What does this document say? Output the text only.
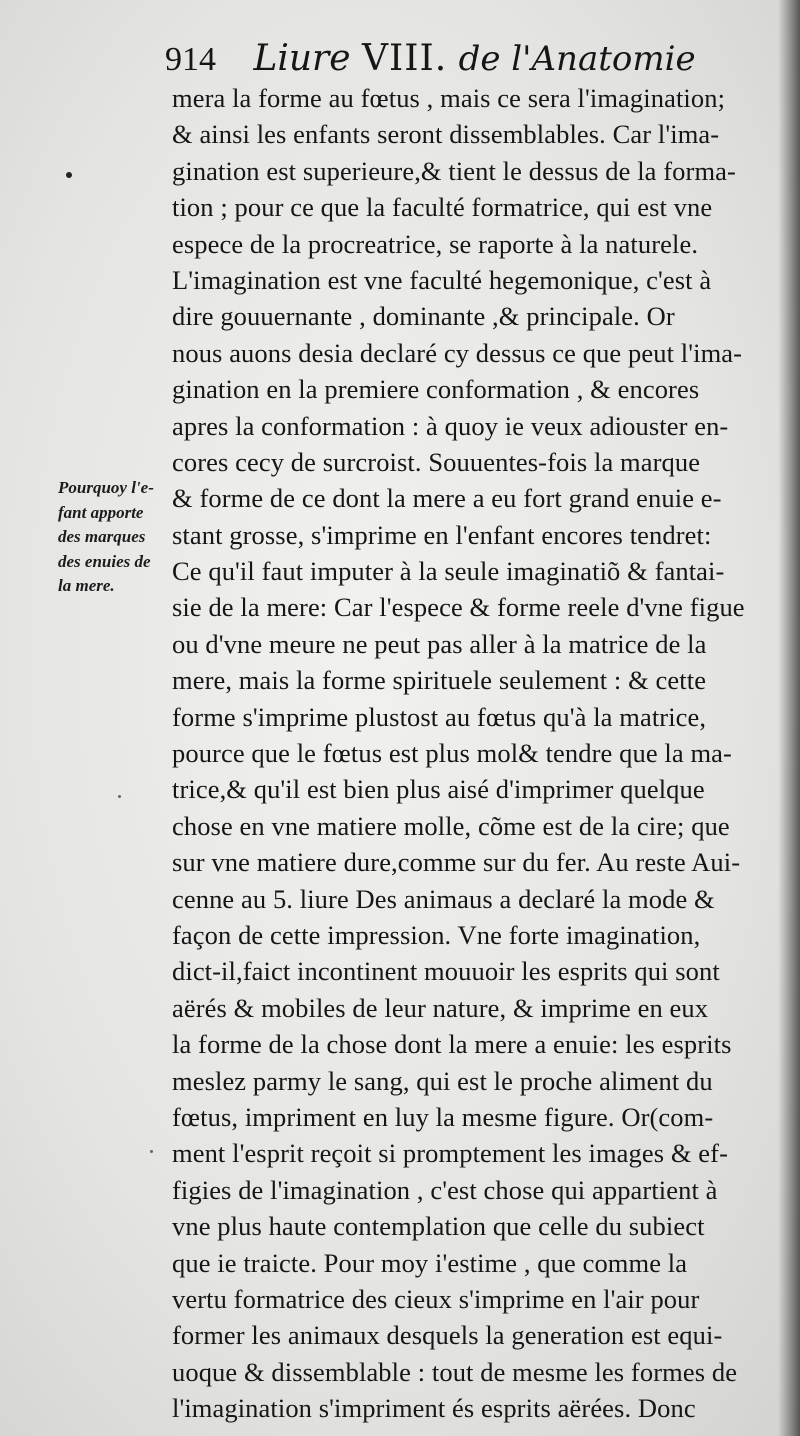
914 Liure VIII. de l'Anatomie
Pourquoy l'e-
fant apporte
des marques
des enuies de
la mere.
mera la forme au fœtus , mais ce sera l'imagination;
& ainsi les enfants seront dissemblables. Car l'ima-
gination est superieure,& tient le dessus de la forma-
tion ; pour ce que la faculté formatrice, qui est vne
espece de la procreatrice, se raporte à la naturele.
L'imagination est vne faculté hegemonique, c'est à
dire gouuernante , dominante ,& principale. Or
nous auons desia declaré cy dessus ce que peut l'ima-
gination en la premiere conformation , & encores
apres la conformation : à quoy ie veux adiouster en-
cores cecy de surcroist. Souuentes-fois la marque
& forme de ce dont la mere a eu fort grand enuie e-
stant grosse, s'imprime en l'enfant encores tendret:
Ce qu'il faut imputer à la seule imaginatiõ & fantai-
sie de la mere: Car l'espece & forme reele d'vne figue
ou d'vne meure ne peut pas aller à la matrice de la
mere, mais la forme spirituele seulement : & cette
forme s'imprime plustost au fœtus qu'à la matrice,
pource que le fœtus est plus mol& tendre que la ma-
trice,& qu'il est bien plus aisé d'imprimer quelque
chose en vne matiere molle, cõme est de la cire; que
sur vne matiere dure,comme sur du fer. Au reste Aui-
cenne au 5. liure Des animaus a declaré la mode &
façon de cette impression. Vne forte imagination,
dict-il,faict incontinent mouuoir les esprits qui sont
aërés & mobiles de leur nature, & imprime en eux
la forme de la chose dont la mere a enuie: les esprits
meslez parmy le sang, qui est le proche aliment du
fœtus, impriment en luy la mesme figure. Or(com-
ment l'esprit reçoit si promptement les images & ef-
figies de l'imagination , c'est chose qui appartient à
vne plus haute contemplation que celle du subiect
que ie traicte. Pour moy i'estime , que comme la
vertu formatrice des cieux s'imprime en l'air pour
former les animaux desquels la generation est equi-
uoque & dissemblable : tout de mesme les formes de
l'imagination s'impriment és esprits aërées. Donc
